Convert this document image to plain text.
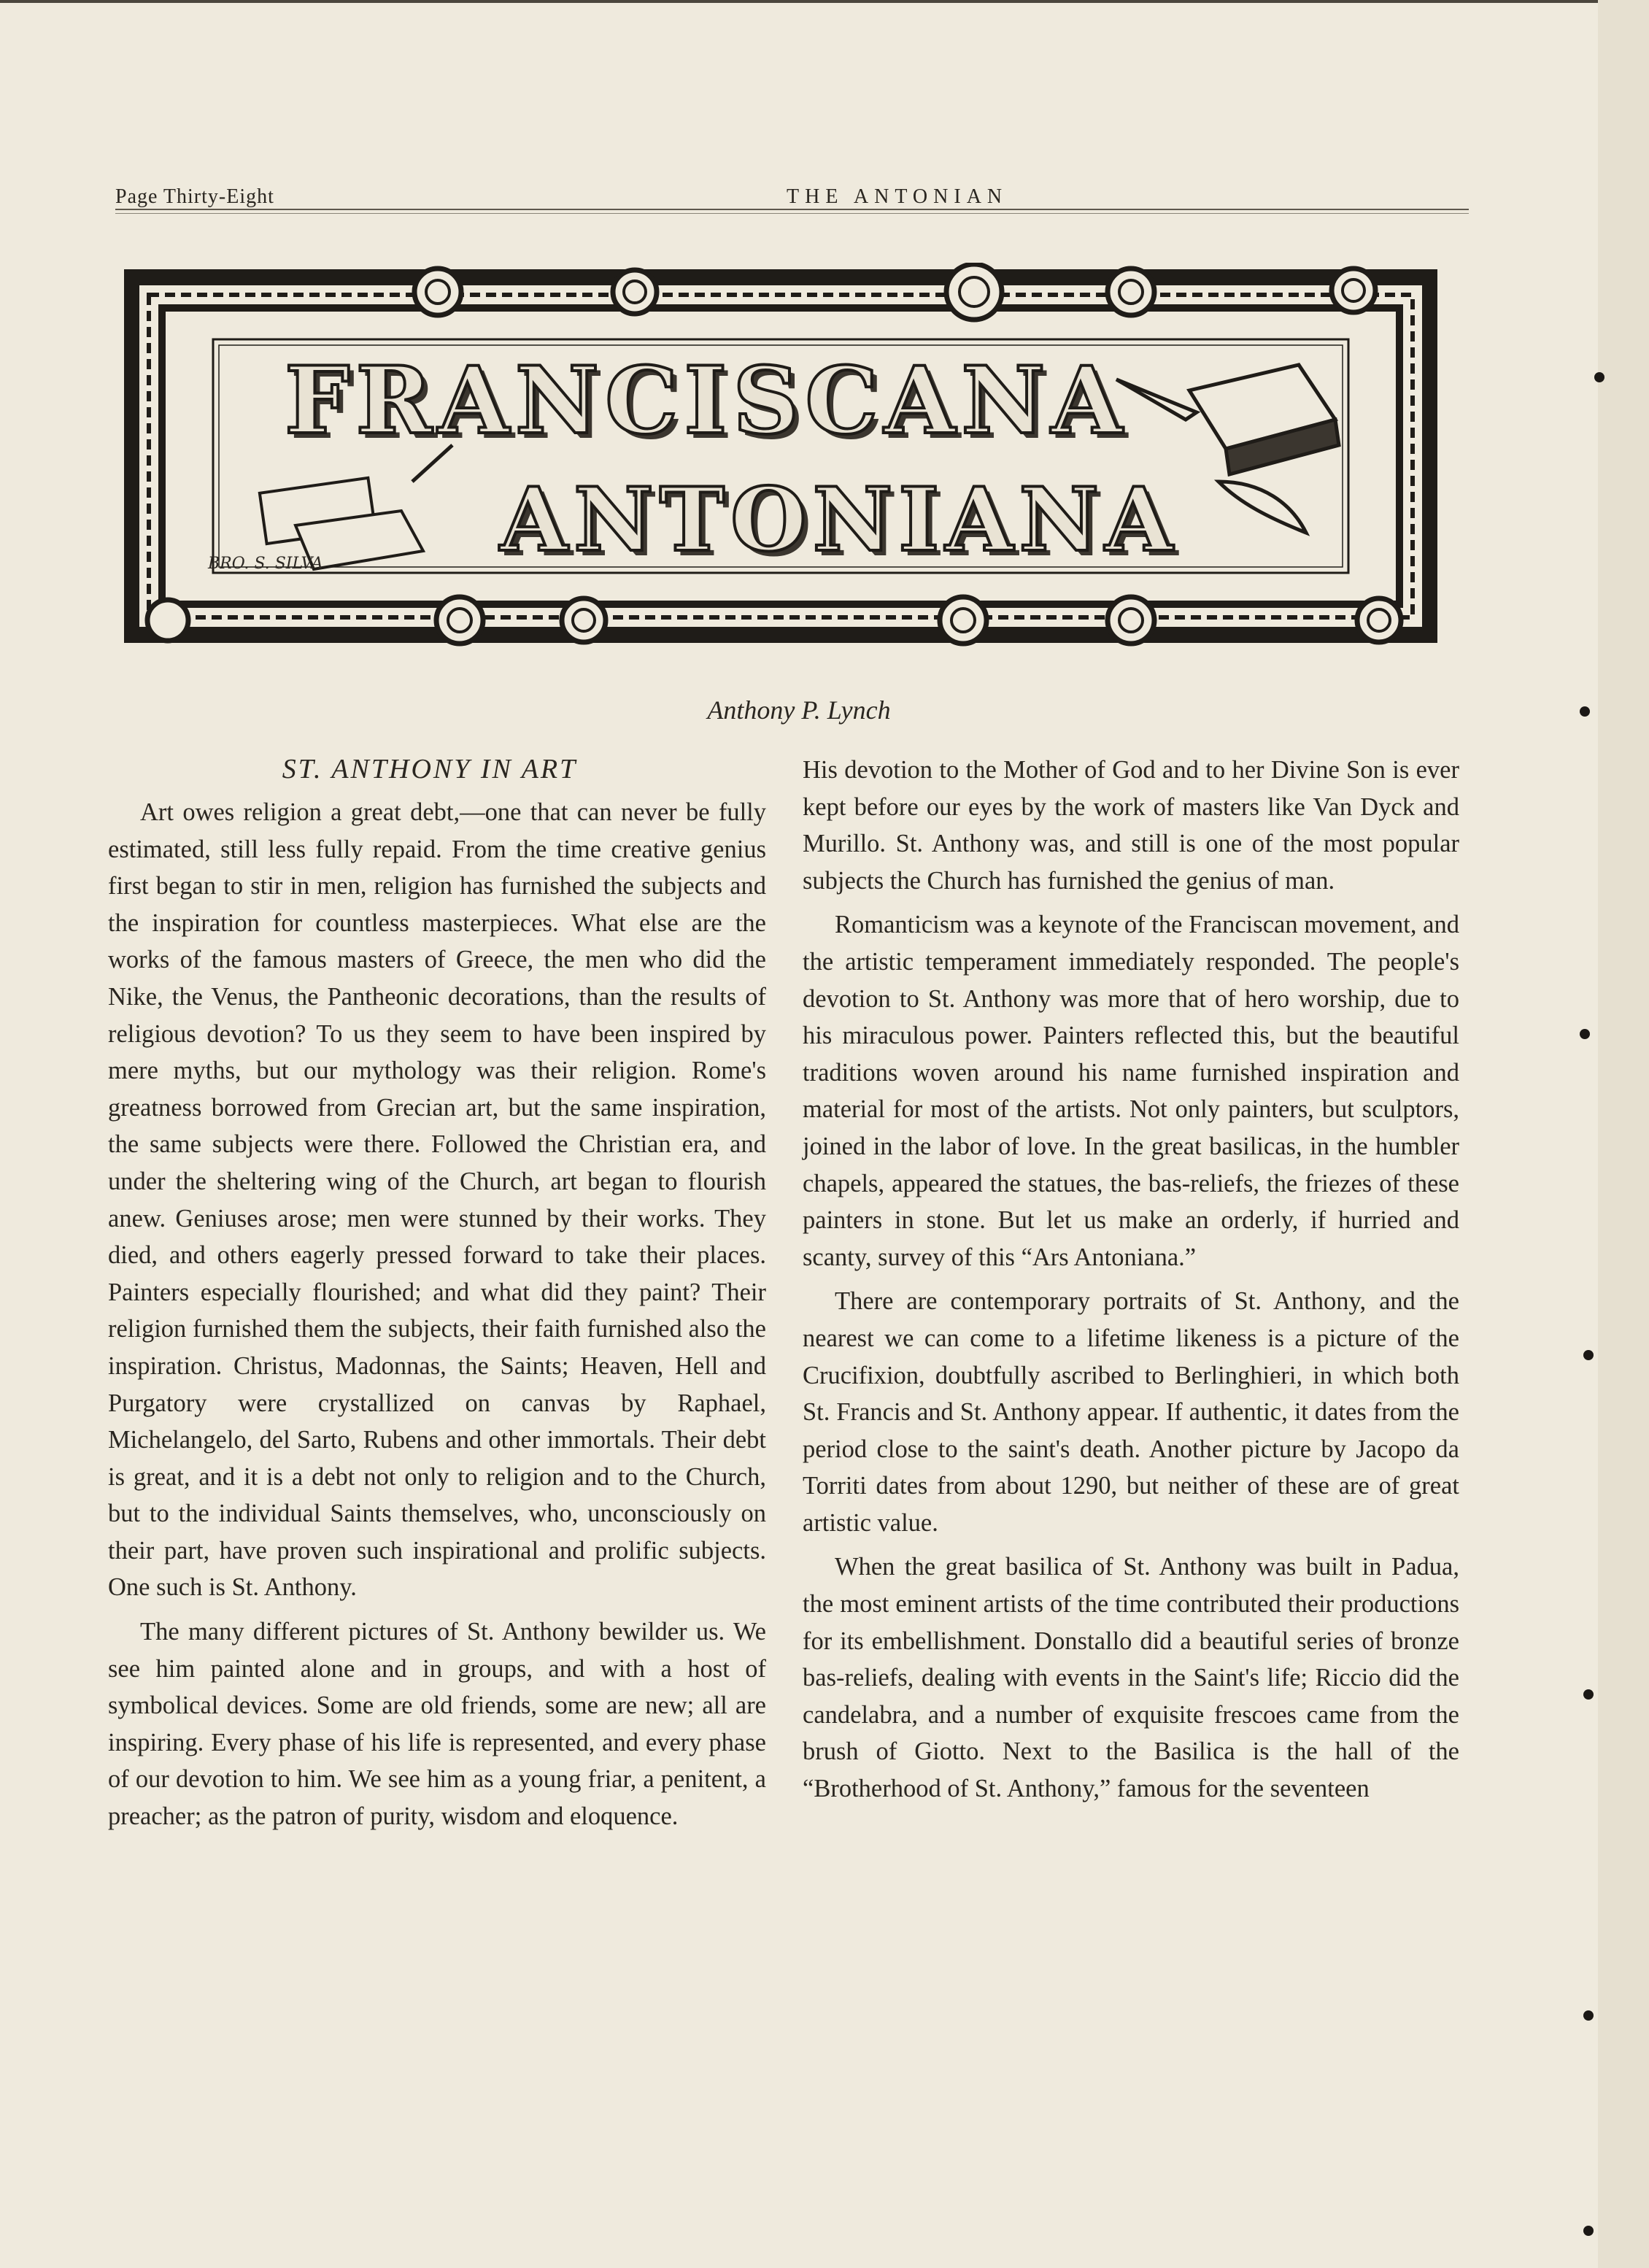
Page Thirty-Eight	THE ANTONIAN
FRANCISCANA
ANTONIANA
BRO. S. SILVA
Anthony P. Lynch
ST. ANTHONY IN ART

Art owes religion a great debt,—one that can never be fully estimated, still less fully repaid. From the time creative genius first began to stir in men, religion has furnished the subjects and the inspiration for countless masterpieces. What else are the works of the famous masters of Greece, the men who did the Nike, the Venus, the Pantheonic decorations, than the results of religious devotion? To us they seem to have been inspired by mere myths, but our mythology was their religion. Rome's greatness borrowed from Grecian art, but the same inspiration, the same subjects were there. Followed the Christian era, and under the sheltering wing of the Church, art began to flourish anew. Geniuses arose; men were stunned by their works. They died, and others eagerly pressed forward to take their places. Painters especially flourished; and what did they paint? Their religion furnished them the subjects, their faith furnished also the inspiration. Christus, Madonnas, the Saints; Heaven, Hell and Purgatory were crystallized on canvas by Raphael, Michelangelo, del Sarto, Rubens and other immortals. Their debt is great, and it is a debt not only to religion and to the Church, but to the individual Saints themselves, who, unconsciously on their part, have proven such inspirational and prolific subjects. One such is St. Anthony.

The many different pictures of St. Anthony bewilder us. We see him painted alone and in groups, and with a host of symbolical devices. Some are old friends, some are new; all are inspiring. Every phase of his life is represented, and every phase of our devotion to him. We see him as a young friar, a penitent, a preacher; as the patron of purity, wisdom and eloquence.

His devotion to the Mother of God and to her Divine Son is ever kept before our eyes by the work of masters like Van Dyck and Murillo. St. Anthony was, and still is one of the most popular subjects the Church has furnished the genius of man.

Romanticism was a keynote of the Franciscan movement, and the artistic temperament immediately responded. The people's devotion to St. Anthony was more that of hero worship, due to his miraculous power. Painters reflected this, but the beautiful traditions woven around his name furnished inspiration and material for most of the artists. Not only painters, but sculptors, joined in the labor of love. In the great basilicas, in the humbler chapels, appeared the statues, the bas-reliefs, the friezes of these painters in stone. But let us make an orderly, if hurried and scanty, survey of this “Ars Antoniana.”

There are contemporary portraits of St. Anthony, and the nearest we can come to a lifetime likeness is a picture of the Crucifixion, doubtfully ascribed to Berlinghieri, in which both St. Francis and St. Anthony appear. If authentic, it dates from the period close to the saint's death. Another picture by Jacopo da Torriti dates from about 1290, but neither of these are of great artistic value.

When the great basilica of St. Anthony was built in Padua, the most eminent artists of the time contributed their productions for its embellishment. Donstallo did a beautiful series of bronze bas-reliefs, dealing with events in the Saint's life; Riccio did the candelabra, and a number of exquisite frescoes came from the brush of Giotto. Next to the Basilica is the hall of the “Brotherhood of St. Anthony,” famous for the seventeen
